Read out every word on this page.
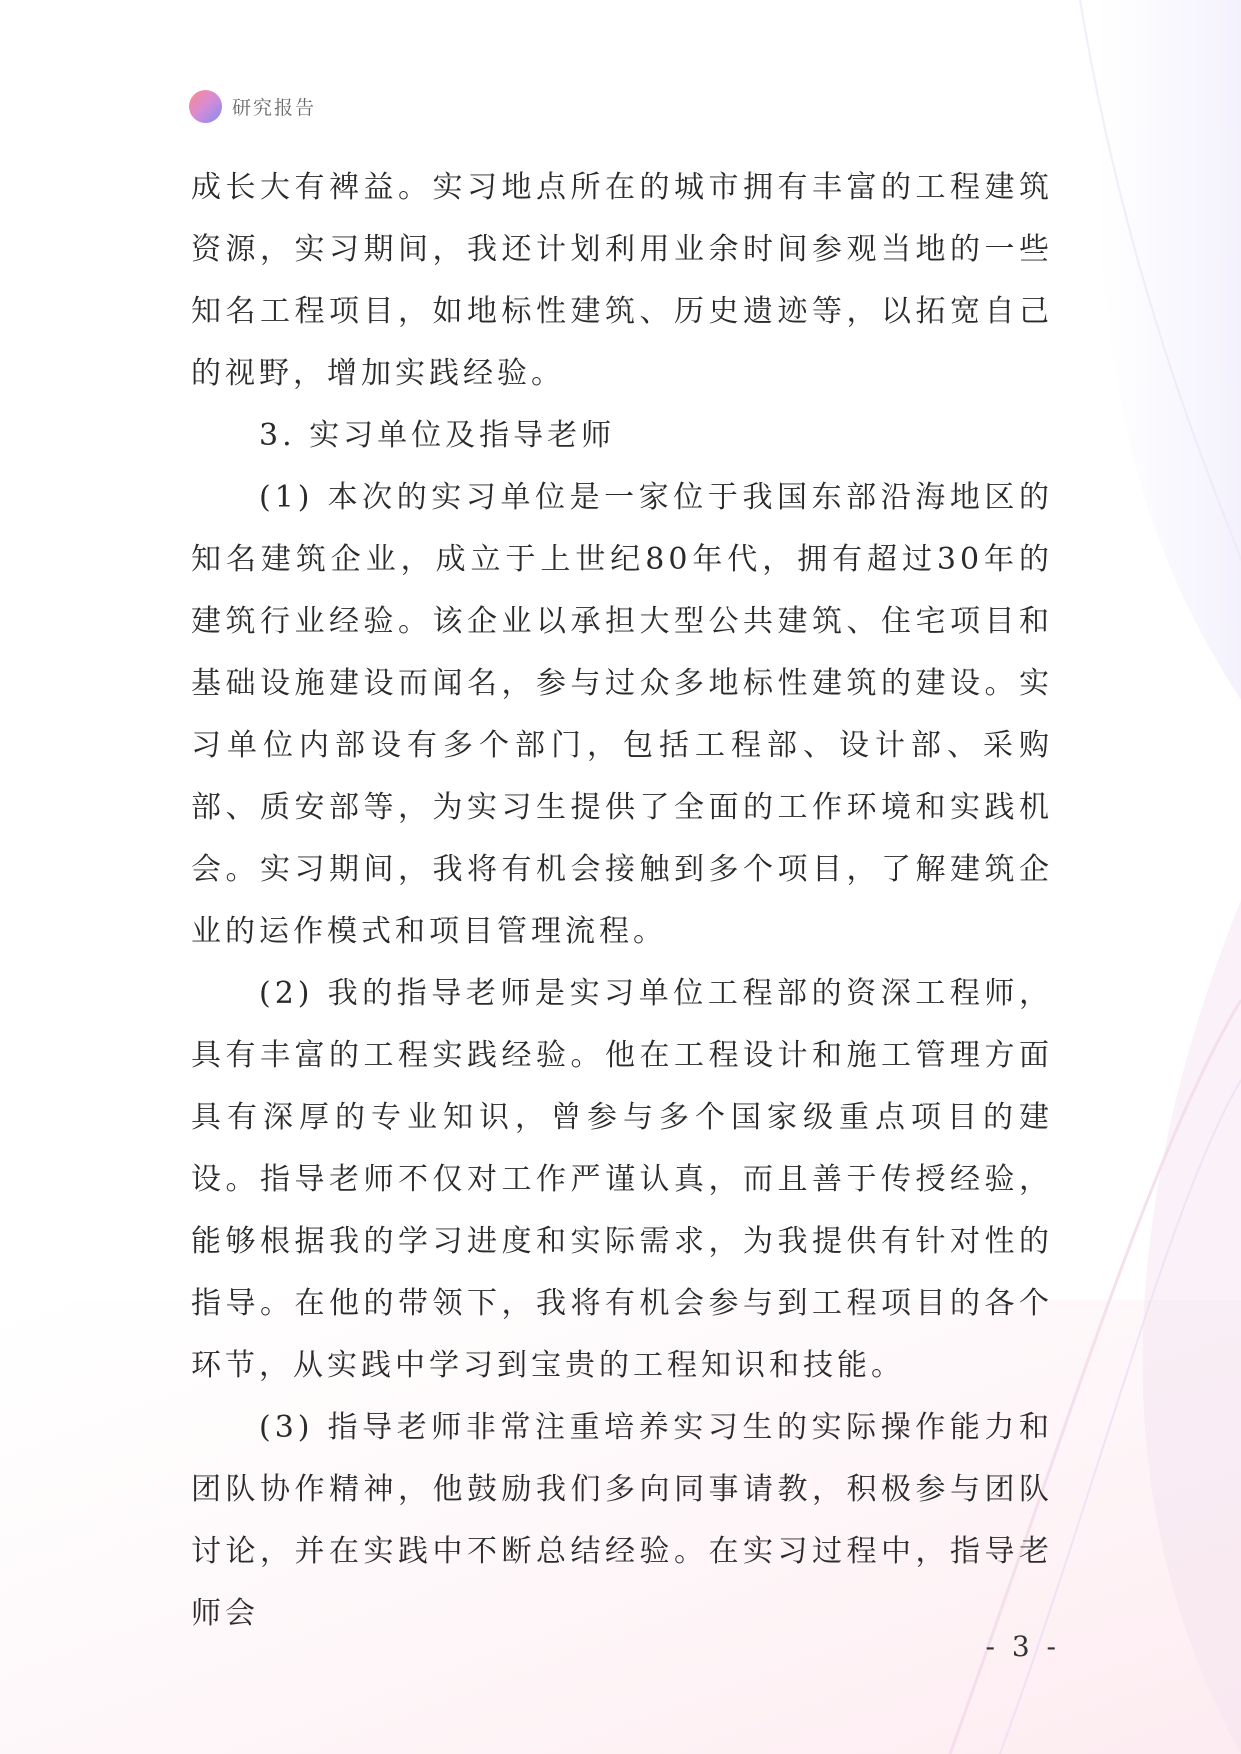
研究报告

成长大有裨益。实习地点所在的城市拥有丰富的工程建筑资源，实习期间，我还计划利用业余时间参观当地的一些知名工程项目，如地标性建筑、历史遗迹等，以拓宽自己的视野，增加实践经验。

3. 实习单位及指导老师

(1) 本次的实习单位是一家位于我国东部沿海地区的知名建筑企业，成立于上世纪80年代，拥有超过30年的建筑行业经验。该企业以承担大型公共建筑、住宅项目和基础设施建设而闻名，参与过众多地标性建筑的建设。实习单位内部设有多个部门，包括工程部、设计部、采购部、质安部等，为实习生提供了全面的工作环境和实践机会。实习期间，我将有机会接触到多个项目，了解建筑企业的运作模式和项目管理流程。

(2) 我的指导老师是实习单位工程部的资深工程师，具有丰富的工程实践经验。他在工程设计和施工管理方面具有深厚的专业知识，曾参与多个国家级重点项目的建设。指导老师不仅对工作严谨认真，而且善于传授经验，能够根据我的学习进度和实际需求，为我提供有针对性的指导。在他的带领下，我将有机会参与到工程项目的各个环节，从实践中学习到宝贵的工程知识和技能。

(3) 指导老师非常注重培养实习生的实际操作能力和团队协作精神，他鼓励我们多向同事请教，积极参与团队讨论，并在实践中不断总结经验。在实习过程中，指导老师会

- 3 -
